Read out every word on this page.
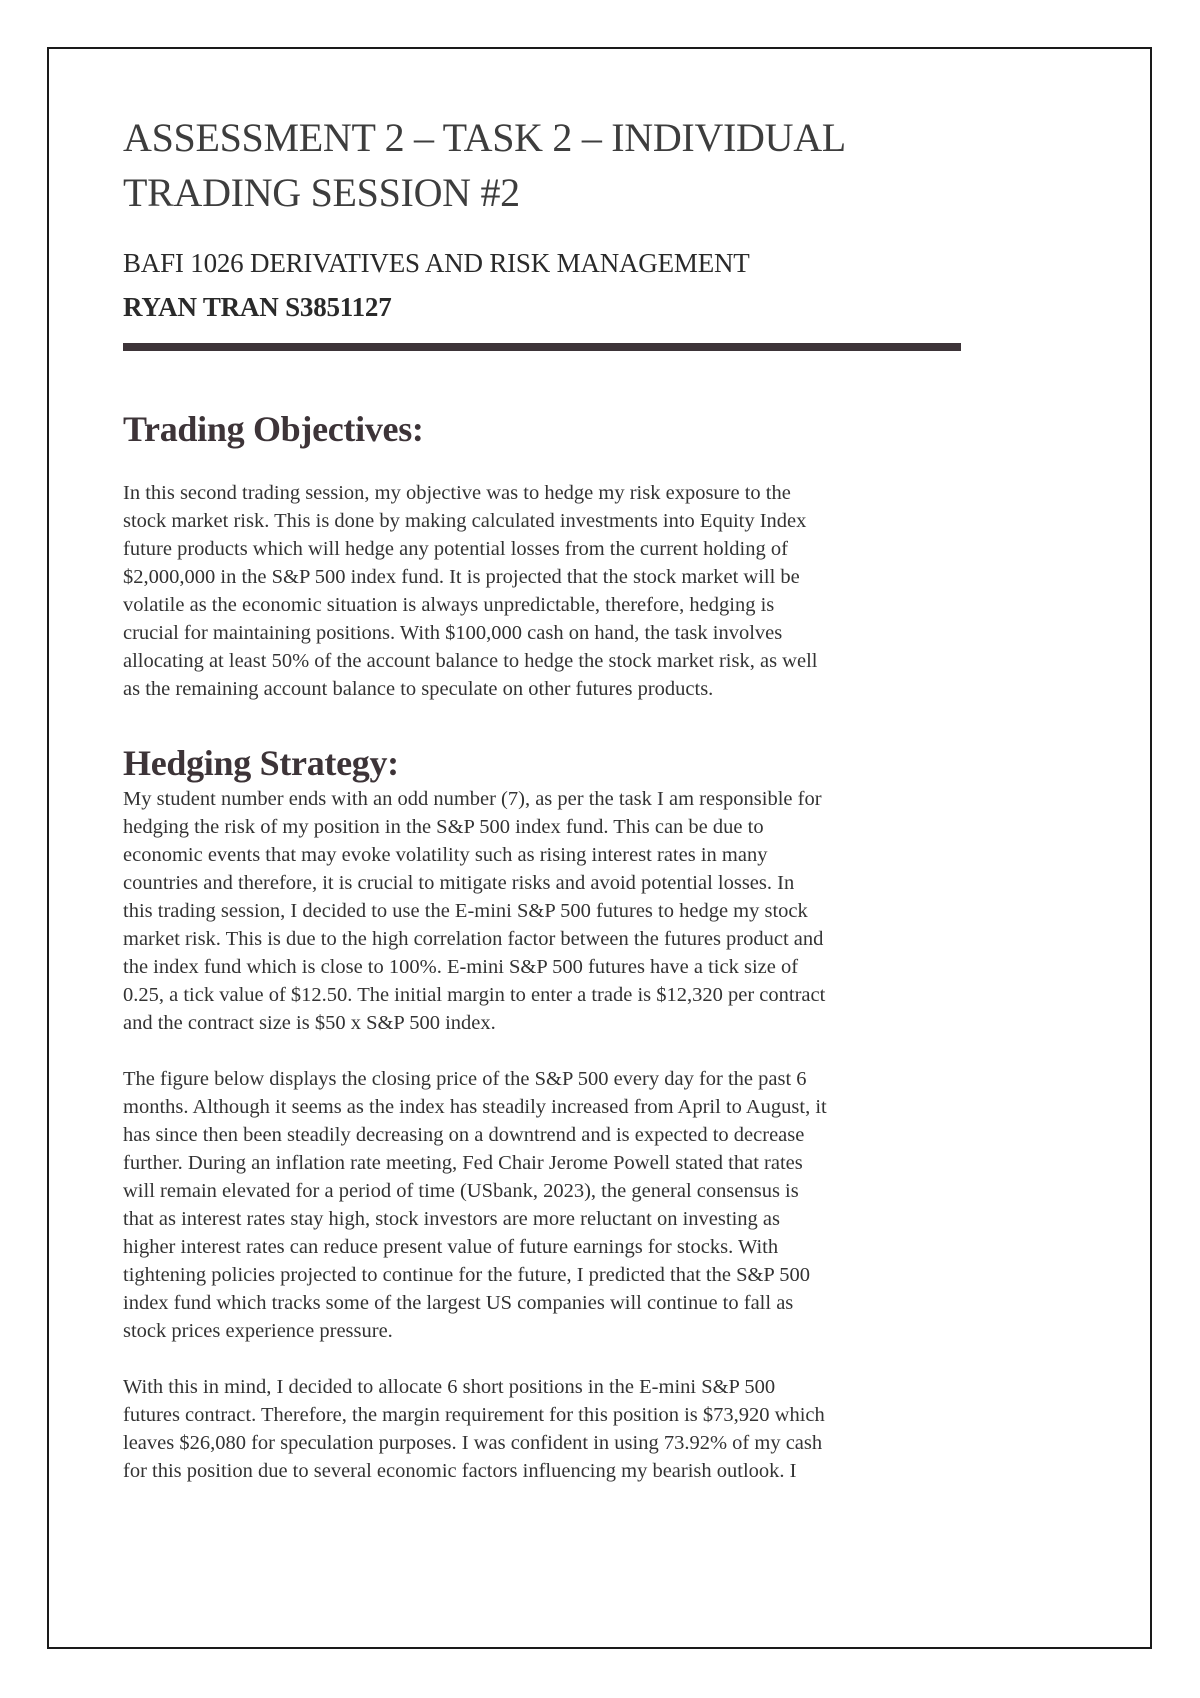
ASSESSMENT 2 – TASK 2 – INDIVIDUAL TRADING SESSION #2

BAFI 1026 DERIVATIVES AND RISK MANAGEMENT

RYAN TRAN S3851127

Trading Objectives:

In this second trading session, my objective was to hedge my risk exposure to the
stock market risk. This is done by making calculated investments into Equity Index
future products which will hedge any potential losses from the current holding of
$2,000,000 in the S&P 500 index fund. It is projected that the stock market will be
volatile as the economic situation is always unpredictable, therefore, hedging is
crucial for maintaining positions. With $100,000 cash on hand, the task involves
allocating at least 50% of the account balance to hedge the stock market risk, as well
as the remaining account balance to speculate on other futures products.

Hedging Strategy:

My student number ends with an odd number (7), as per the task I am responsible for
hedging the risk of my position in the S&P 500 index fund. This can be due to
economic events that may evoke volatility such as rising interest rates in many
countries and therefore, it is crucial to mitigate risks and avoid potential losses. In
this trading session, I decided to use the E-mini S&P 500 futures to hedge my stock
market risk. This is due to the high correlation factor between the futures product and
the index fund which is close to 100%. E-mini S&P 500 futures have a tick size of
0.25, a tick value of $12.50. The initial margin to enter a trade is $12,320 per contract
and the contract size is $50 x S&P 500 index.

The figure below displays the closing price of the S&P 500 every day for the past 6
months. Although it seems as the index has steadily increased from April to August, it
has since then been steadily decreasing on a downtrend and is expected to decrease
further. During an inflation rate meeting, Fed Chair Jerome Powell stated that rates
will remain elevated for a period of time (USbank, 2023), the general consensus is
that as interest rates stay high, stock investors are more reluctant on investing as
higher interest rates can reduce present value of future earnings for stocks. With
tightening policies projected to continue for the future, I predicted that the S&P 500
index fund which tracks some of the largest US companies will continue to fall as
stock prices experience pressure.

With this in mind, I decided to allocate 6 short positions in the E-mini S&P 500
futures contract. Therefore, the margin requirement for this position is $73,920 which
leaves $26,080 for speculation purposes. I was confident in using 73.92% of my cash
for this position due to several economic factors influencing my bearish outlook. I
